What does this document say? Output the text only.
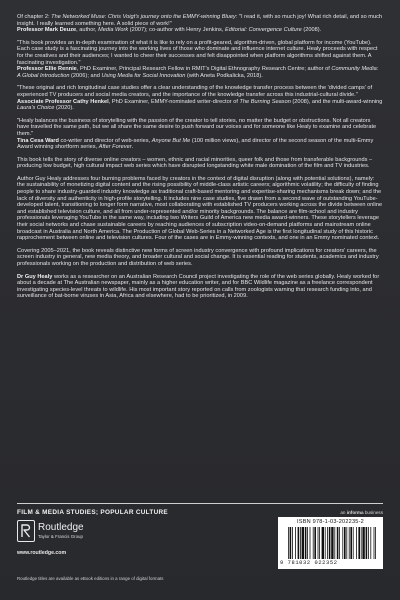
Of chapter 2: The Networked Muse: Chris Voigt's journey onto the EMMY-winning Bluey: "I read it, with so much joy! What rich detail, and so much insight. I really learned something here. A solid piece of work!"

Professor Mark Deuze, author, Media Work (2007); co-author with Henry Jenkins, Editorial: Convergence Culture (2008).

"This book provides an in-depth examination of what it is like to rely on a profit-geared, algorithm-driven, global platform for income (YouTube). Each case study is a fascinating journey into the working lives of those who dominate and influence internet culture. Healy proceeds with respect for the creatives and their audiences; I wanted to cheer their successes and felt disappointed when platform algorithms shifted against them. A fascinating investigation."

Professor Ellie Rennie, PhD Examiner, Principal Research Fellow in RMIT's Digital Ethnography Research Centre; author of Community Media: A Global Introduction (2006); and Using Media for Social Innovation (with Aneta Podkalicka, 2018).

"These original and rich longitudinal case studies offer a clear understanding of the knowledge transfer process between the 'divided camps' of experienced TV producers and social media creators, and the importance of the knowledge transfer across this industrial-cultural divide."

Associate Professor Cathy Henkel, PhD Examiner, EMMY-nominated writer-director of The Burning Season (2008), and the multi-award-winning Laura's Choice (2020).

"Healy balances the business of storytelling with the passion of the creator to tell stories, no matter the budget or obstructions. Not all creators have travelled the same path, but we all share the same desire to push forward our voices and for someone like Healy to examine and celebrate them."

Tina Cesa Ward co-writer and director of web-series, Anyone But Me (100 million views), and director of the second season of the multi-Emmy Award winning shortform series, After Forever.

This book tells the story of diverse online creators – women, ethnic and racial minorities, queer folk and those from transferable backgrounds – producing low budget, high cultural impact web series which have disrupted longstanding white male domination of the film and TV industries.

Author Guy Healy addresses four burning problems faced by creators in the context of digital disruption (along with potential solutions), namely: the sustainability of monetizing digital content and the rising possibility of middle-class artistic careers; algorithmic volatility; the difficulty of finding people to share industry-guarded industry knowledge as traditional craft-based mentoring and expertise-sharing mechanisms break down; and the lack of diversity and authenticity in high-profile storytelling. It includes nine case studies, five drawn from a second wave of outstanding YouTube-developed talent, transitioning to longer form narrative, most collaborating with established TV producers working across the divide between online and established television culture, and all from under-represented and/or minority backgrounds. The balance are film-school and industry professionals leveraging YouTube in the same way, including two Writers Guild of America new media award-winners. These storytellers leverage their social networks and chase sustainable careers by reaching audiences of subscription video-on-demand platforms and mainstream online broadcast in Australia and North America. The Production of Global Web-Series in a Networked Age is the first longitudinal study of this historic rapprochement between online and television cultures. Four of the cases are in Emmy-winning contexts, and one in an Emmy nominated context.

Covering 2005–2021, the book reveals distinctive new forms of screen industry convergence with profound implications for creators' careers, the screen industry in general, new media theory, and broader cultural and social change. It is essential reading for students, academics and industry professionals working on the production and distribution of web series.

Dr Guy Healy works as a researcher on an Australian Research Council project investigating the role of the web series globally. Healy worked for about a decade at The Australian newspaper, mainly as a higher education writer, and for BBC Wildlife magazine as a freelance correspondent investigating species-level threats to wildlife. His most important story reported on calls from zoologists warning that research funding into, and surveillance of bat-borne viruses in Asia, Africa and elsewhere, had to be prioritized, in 2009.

FILM & MEDIA STUDIES; POPULAR CULTURE	an informa business
Routledge
Taylor & Francis Group
www.routledge.com
Routledge titles are available as eBook editions in a range of digital formats
ISBN 978-1-03-202235-2
9 781032 022352
